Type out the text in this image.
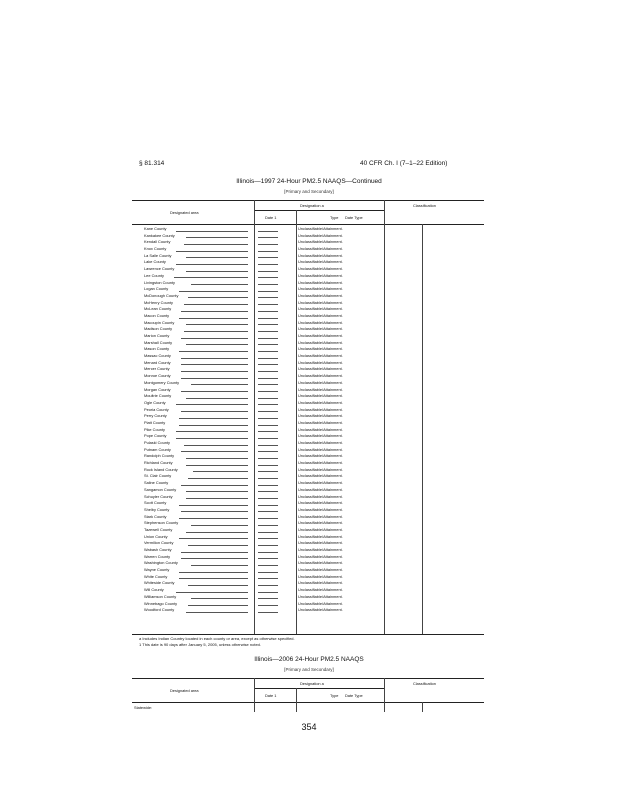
§ 81.314	40 CFR Ch. I (7–1–22 Edition)
Illinois—1997 24-Hour PM2.5 NAAQS—Continued
[Primary and Secondary]
Designated area
Designation a	Classification
Date 1	Type Date Type
Kane County	Unclassifiable/Attainment.
Kankakee County	Unclassifiable/Attainment.
Kendall County	Unclassifiable/Attainment.
Knox County	Unclassifiable/Attainment.
La Salle County	Unclassifiable/Attainment.
Lake County	Unclassifiable/Attainment.
Lawrence County	Unclassifiable/Attainment.
Lee County	Unclassifiable/Attainment.
Livingston County	Unclassifiable/Attainment.
Logan County	Unclassifiable/Attainment.
McDonough County	Unclassifiable/Attainment.
McHenry County	Unclassifiable/Attainment.
McLean County	Unclassifiable/Attainment.
Macon County	Unclassifiable/Attainment.
Macoupin County	Unclassifiable/Attainment.
Madison County	Unclassifiable/Attainment.
Marion County	Unclassifiable/Attainment.
Marshall County	Unclassifiable/Attainment.
Mason County	Unclassifiable/Attainment.
Massac County	Unclassifiable/Attainment.
Menard County	Unclassifiable/Attainment.
Mercer County	Unclassifiable/Attainment.
Monroe County	Unclassifiable/Attainment.
Montgomery County	Unclassifiable/Attainment.
Morgan County	Unclassifiable/Attainment.
Moultrie County	Unclassifiable/Attainment.
Ogle County	Unclassifiable/Attainment.
Peoria County	Unclassifiable/Attainment.
Perry County	Unclassifiable/Attainment.
Piatt County	Unclassifiable/Attainment.
Pike County	Unclassifiable/Attainment.
Pope County	Unclassifiable/Attainment.
Pulaski County	Unclassifiable/Attainment.
Putnam County	Unclassifiable/Attainment.
Randolph County	Unclassifiable/Attainment.
Richland County	Unclassifiable/Attainment.
Rock Island County	Unclassifiable/Attainment.
St. Clair County	Unclassifiable/Attainment.
Saline County	Unclassifiable/Attainment.
Sangamon County	Unclassifiable/Attainment.
Schuyler County	Unclassifiable/Attainment.
Scott County	Unclassifiable/Attainment.
Shelby County	Unclassifiable/Attainment.
Stark County	Unclassifiable/Attainment.
Stephenson County	Unclassifiable/Attainment.
Tazewell County	Unclassifiable/Attainment.
Union County	Unclassifiable/Attainment.
Vermilion County	Unclassifiable/Attainment.
Wabash County	Unclassifiable/Attainment.
Warren County	Unclassifiable/Attainment.
Washington County	Unclassifiable/Attainment.
Wayne County	Unclassifiable/Attainment.
White County	Unclassifiable/Attainment.
Whiteside County	Unclassifiable/Attainment.
Will County	Unclassifiable/Attainment.
Williamson County	Unclassifiable/Attainment.
Winnebago County	Unclassifiable/Attainment.
Woodford County	Unclassifiable/Attainment.
a Includes Indian Country located in each county or area, except as otherwise specified.
1 This date is 90 days after January 5, 2005, unless otherwise noted.
Illinois—2006 24-Hour PM2.5 NAAQS
[Primary and Secondary]
Designated area
Designation a	Classification
Date 1	Type Date Type
Statewide:
354
